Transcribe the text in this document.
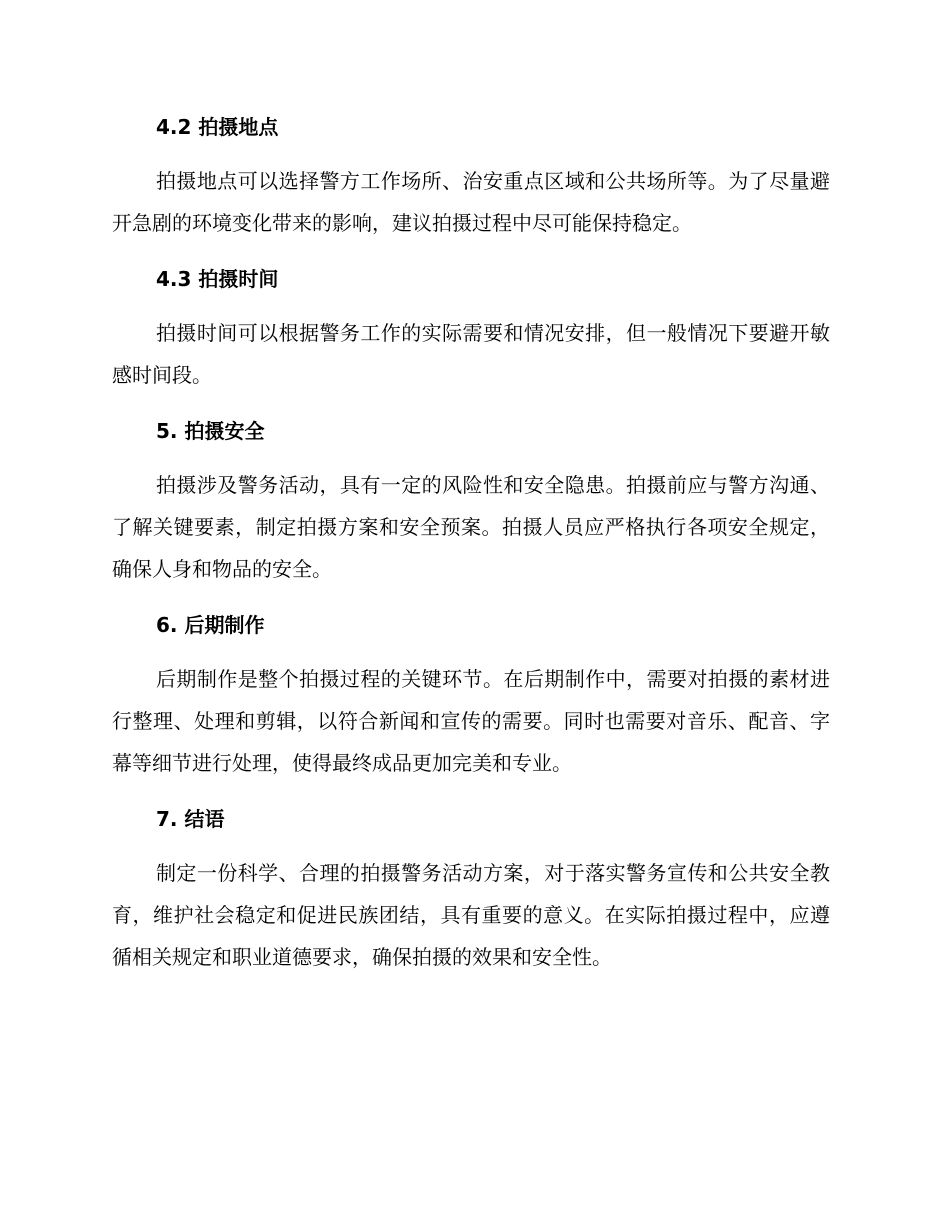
4.2 拍摄地点

拍摄地点可以选择警方工作场所、治安重点区域和公共场所等。为了尽量避开急剧的环境变化带来的影响，建议拍摄过程中尽可能保持稳定。

4.3 拍摄时间

拍摄时间可以根据警务工作的实际需要和情况安排，但一般情况下要避开敏感时间段。

5. 拍摄安全

拍摄涉及警务活动，具有一定的风险性和安全隐患。拍摄前应与警方沟通、了解关键要素，制定拍摄方案和安全预案。拍摄人员应严格执行各项安全规定，确保人身和物品的安全。

6. 后期制作

后期制作是整个拍摄过程的关键环节。在后期制作中，需要对拍摄的素材进行整理、处理和剪辑，以符合新闻和宣传的需要。同时也需要对音乐、配音、字幕等细节进行处理，使得最终成品更加完美和专业。

7. 结语

制定一份科学、合理的拍摄警务活动方案，对于落实警务宣传和公共安全教育，维护社会稳定和促进民族团结，具有重要的意义。在实际拍摄过程中，应遵循相关规定和职业道德要求，确保拍摄的效果和安全性。
